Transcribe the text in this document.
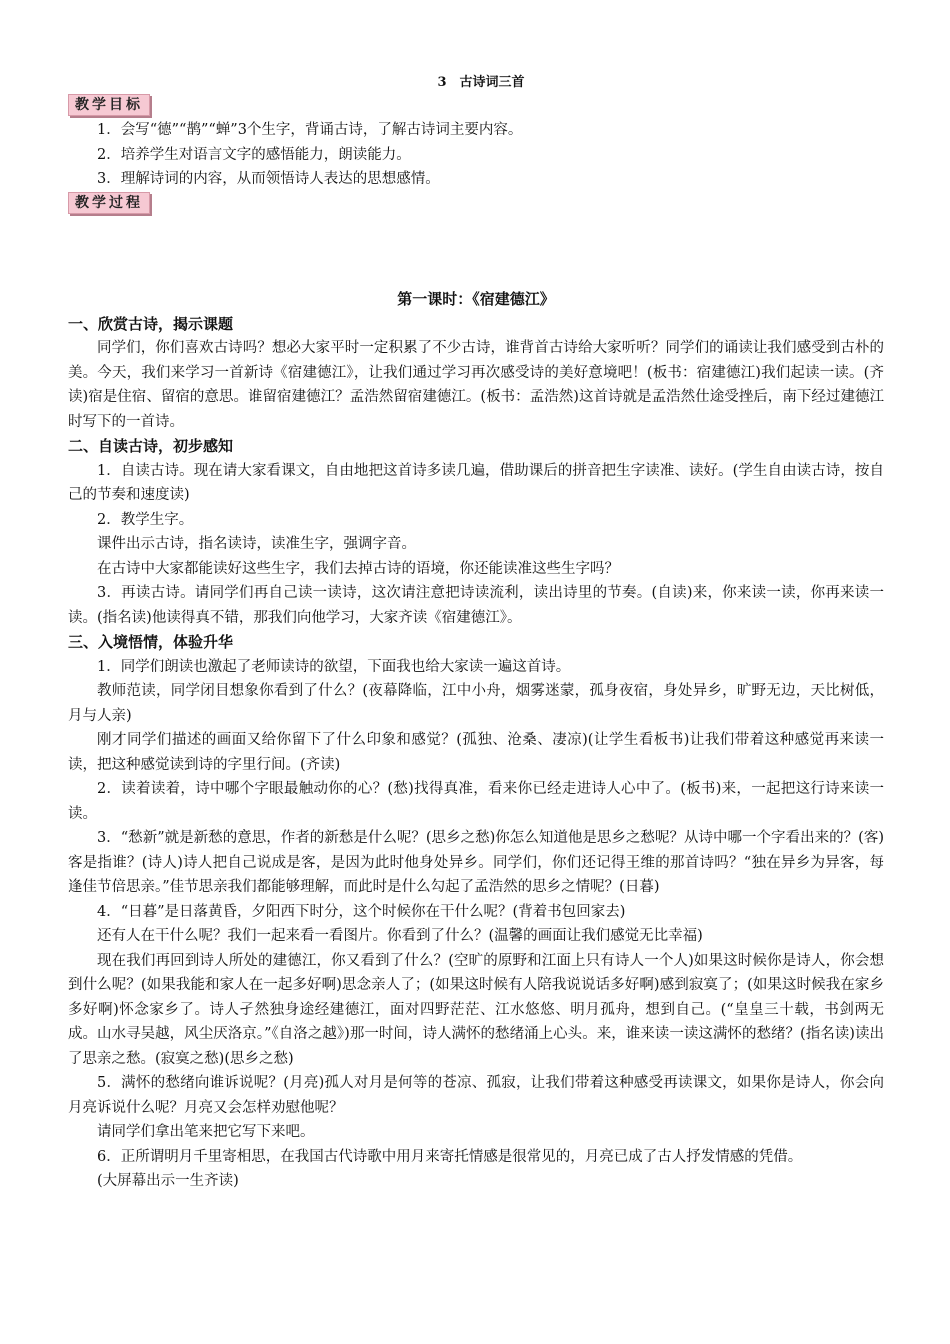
3　古诗词三首
教学目标

1．会写“德”“鹊”“蝉”3个生字，背诵古诗，了解古诗词主要内容。

2．培养学生对语言文字的感悟能力，朗读能力。

3．理解诗词的内容，从而领悟诗人表达的思想感情。

教学过程
第一课时：《宿建德江》
一、欣赏古诗，揭示课题

同学们，你们喜欢古诗吗？想必大家平时一定积累了不少古诗，谁背首古诗给大家听听？同学们的诵读让我们感受到古朴的美。今天，我们来学习一首新诗《宿建德江》，让我们通过学习再次感受诗的美好意境吧！(板书：宿建德江)我们起读一读。(齐读)宿是住宿、留宿的意思。谁留宿建德江？孟浩然留宿建德江。(板书：孟浩然)这首诗就是孟浩然仕途受挫后，南下经过建德江时写下的一首诗。

二、自读古诗，初步感知

1．自读古诗。现在请大家看课文，自由地把这首诗多读几遍，借助课后的拼音把生字读准、读好。(学生自由读古诗，按自己的节奏和速度读)

2．教学生字。

课件出示古诗，指名读诗，读准生字，强调字音。

在古诗中大家都能读好这些生字，我们去掉古诗的语境，你还能读准这些生字吗？

3．再读古诗。请同学们再自己读一读诗，这次请注意把诗读流利，读出诗里的节奏。(自读)来，你来读一读，你再来读一读。(指名读)他读得真不错，那我们向他学习，大家齐读《宿建德江》。

三、入境悟情，体验升华

1．同学们朗读也激起了老师读诗的欲望，下面我也给大家读一遍这首诗。

教师范读，同学闭目想象你看到了什么？(夜幕降临，江中小舟，烟雾迷蒙，孤身夜宿，身处异乡，旷野无边，天比树低，月与人亲)

刚才同学们描述的画面又给你留下了什么印象和感觉？(孤独、沧桑、凄凉)(让学生看板书)让我们带着这种感觉再来读一读，把这种感觉读到诗的字里行间。(齐读)

2．读着读着，诗中哪个字眼最触动你的心？(愁)找得真准，看来你已经走进诗人心中了。(板书)来，一起把这行诗来读一读。

3．“愁新”就是新愁的意思，作者的新愁是什么呢？(思乡之愁)你怎么知道他是思乡之愁呢？从诗中哪一个字看出来的？(客)客是指谁？(诗人)诗人把自己说成是客，是因为此时他身处异乡。同学们，你们还记得王维的那首诗吗？“独在异乡为异客，每逢佳节倍思亲。”佳节思亲我们都能够理解，而此时是什么勾起了孟浩然的思乡之情呢？(日暮)

4．“日暮”是日落黄昏，夕阳西下时分，这个时候你在干什么呢？(背着书包回家去)

还有人在干什么呢？我们一起来看一看图片。你看到了什么？(温馨的画面让我们感觉无比幸福)

现在我们再回到诗人所处的建德江，你又看到了什么？(空旷的原野和江面上只有诗人一个人)如果这时候你是诗人，你会想到什么呢？(如果我能和家人在一起多好啊)思念亲人了；(如果这时候有人陪我说说话多好啊)感到寂寞了；(如果这时候我在家乡多好啊)怀念家乡了。诗人孑然独身途经建德江，面对四野茫茫、江水悠悠、明月孤舟，想到自己。(“皇皇三十载，书剑两无成。山水寻吴越，风尘厌洛京。”《自洛之越》)那一时间，诗人满怀的愁绪涌上心头。来，谁来读一读这满怀的愁绪？(指名读)读出了思亲之愁。(寂寞之愁)(思乡之愁)

5．满怀的愁绪向谁诉说呢？(月亮)孤人对月是何等的苍凉、孤寂，让我们带着这种感受再读课文，如果你是诗人，你会向月亮诉说什么呢？月亮又会怎样劝慰他呢？

请同学们拿出笔来把它写下来吧。

6．正所谓明月千里寄相思，在我国古代诗歌中用月来寄托情感是很常见的，月亮已成了古人抒发情感的凭借。

(大屏幕出示一生齐读)
